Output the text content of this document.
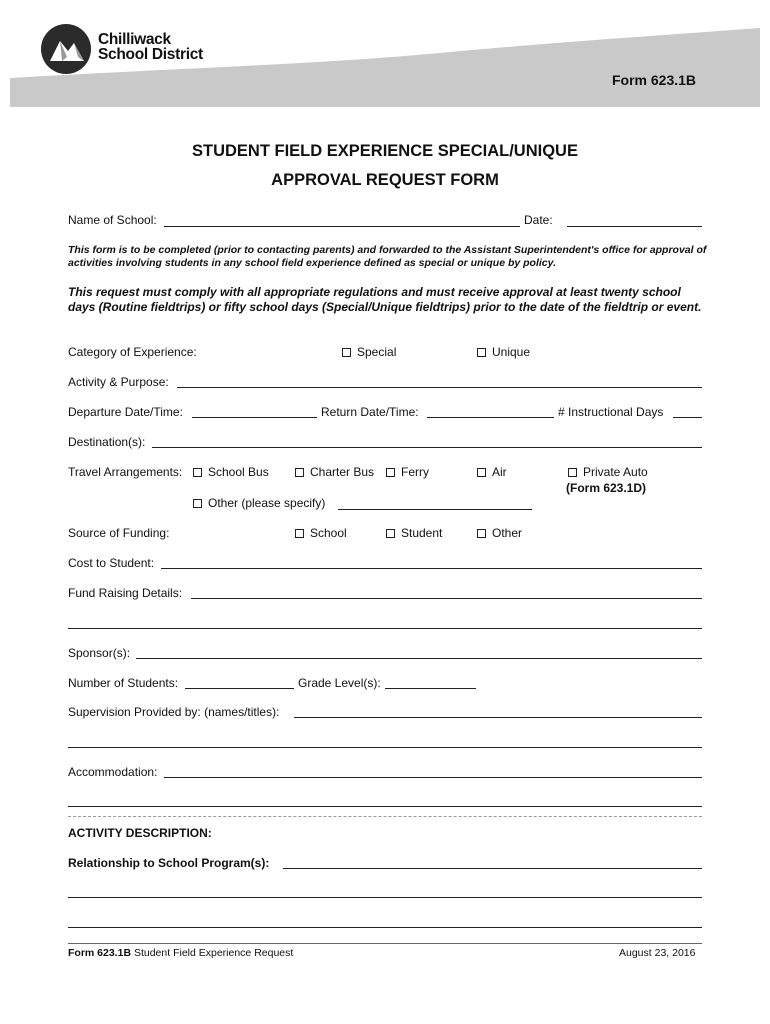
Chilliwack
School District
Form 623.1B
STUDENT FIELD EXPERIENCE SPECIAL/UNIQUE
APPROVAL REQUEST FORM
Name of School:	Date:
This form is to be completed (prior to contacting parents) and forwarded to the Assistant Superintendent's office for approval of activities involving students in any school field experience defined as special or unique by policy.
This request must comply with all appropriate regulations and must receive approval at least twenty school days (Routine fieldtrips) or fifty school days (Special/Unique fieldtrips) prior to the date of the fieldtrip or event.
Category of Experience:	Special	Unique
Activity & Purpose:
Departure Date/Time:	Return Date/Time:	# Instructional Days
Destination(s):
Travel Arrangements:	School Bus	Charter Bus	Ferry	Air	Private Auto
(Form 623.1D)
Other (please specify)
Source of Funding:	School	Student	Other
Cost to Student:
Fund Raising Details:
Sponsor(s):
Number of Students:	Grade Level(s):
Supervision Provided by: (names/titles):
Accommodation:
ACTIVITY DESCRIPTION:
Relationship to School Program(s):
Form 623.1B Student Field Experience Request	August 23, 2016
